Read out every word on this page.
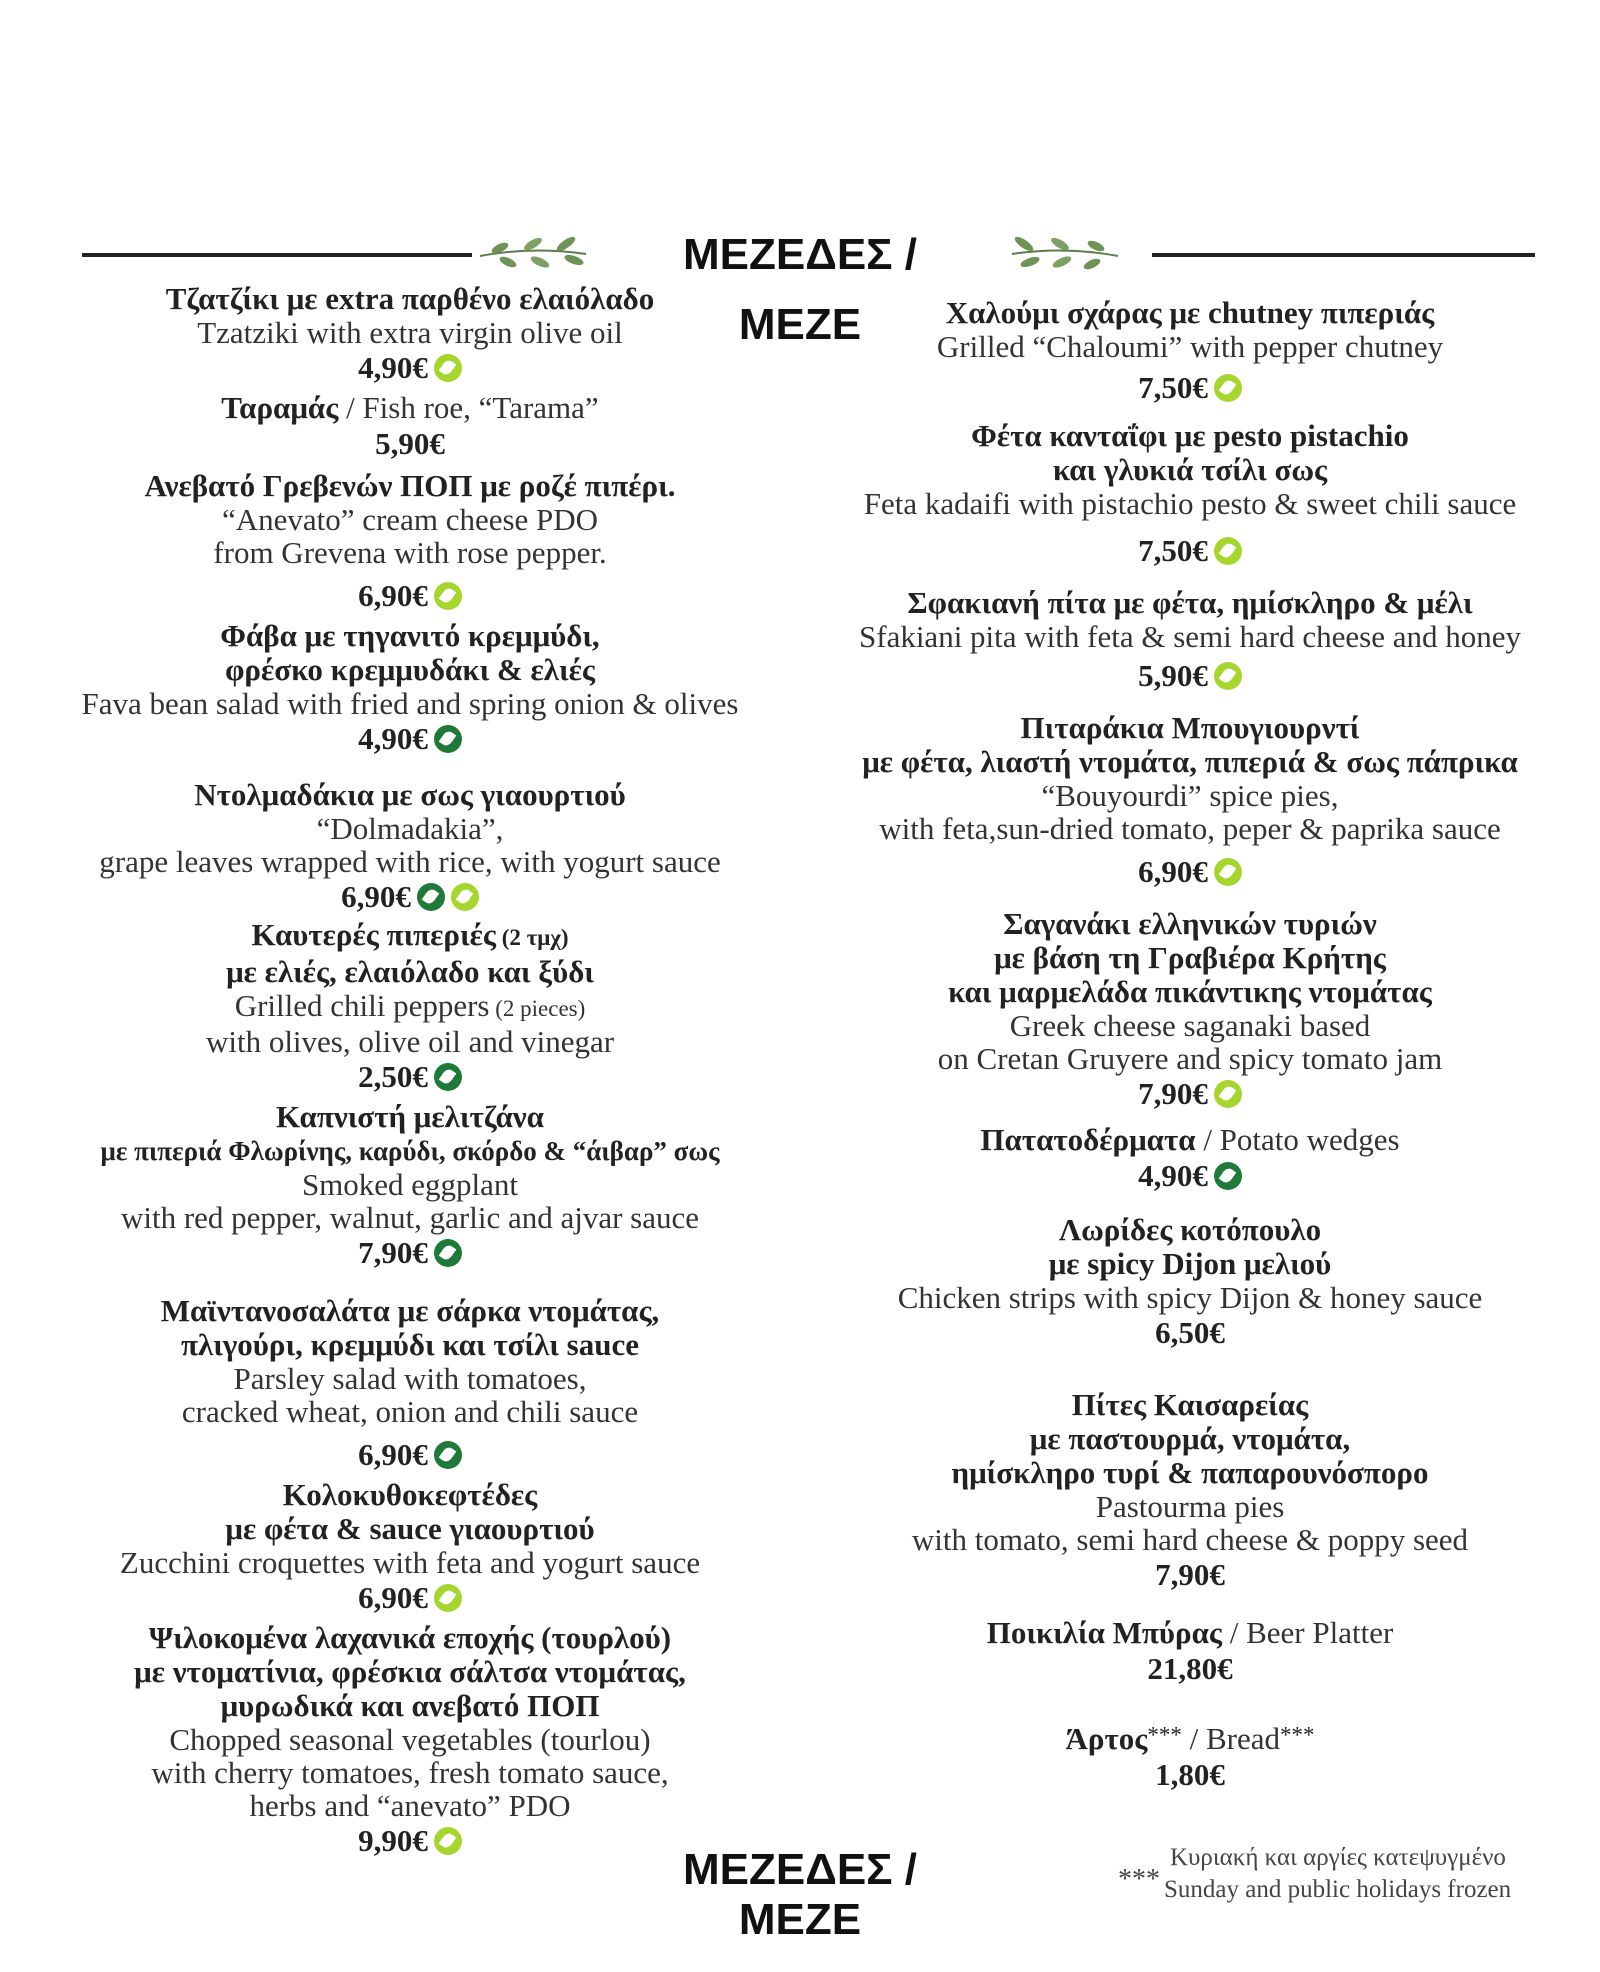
ΜΕΖΕΔΕΣ / ΜΕΖΕ
Τζατζίκι με extra παρθένο ελαιόλαδο
Tzatziki with extra virgin olive oil
4,90€
Ταραμάς / Fish roe, “Tarama”
5,90€
Ανεβατό Γρεβενών ΠΟΠ με ροζέ πιπέρι.
“Anevato” cream cheese PDO
from Grevena with rose pepper.
6,90€
Φάβα με τηγανιτό κρεμμύδι,
φρέσκο κρεμμυδάκι & ελιές
Fava bean salad with fried and spring onion & olives
4,90€
Ντολμαδάκια με σως γιαουρτιού
“Dolmadakia”,
grape leaves wrapped with rice, with yogurt sauce
6,90€
Καυτερές πιπεριές (2 τμχ)
με ελιές, ελαιόλαδο και ξύδι
Grilled chili peppers (2 pieces)
with olives, olive oil and vinegar
2,50€
Καπνιστή μελιτζάνα
με πιπεριά Φλωρίνης, καρύδι, σκόρδο & “άιβαρ” σως
Smoked eggplant
with red pepper, walnut, garlic and ajvar sauce
7,90€
Μαϊντανοσαλάτα με σάρκα ντομάτας,
πλιγούρι, κρεμμύδι και τσίλι sauce
Parsley salad with tomatoes,
cracked wheat, onion and chili sauce
6,90€
Κολοκυθοκεφτέδες
με φέτα & sauce γιαουρτιού
Zucchini croquettes with feta and yogurt sauce
6,90€
Ψιλοκομένα λαχανικά εποχής (τουρλού)
με ντοματίνια, φρέσκια σάλτσα ντομάτας,
μυρωδικά και ανεβατό ΠΟΠ
Chopped seasonal vegetables (tourlou)
with cherry tomatoes, fresh tomato sauce,
herbs and “anevato” PDO
9,90€
Χαλούμι σχάρας με chutney πιπεριάς
Grilled “Chaloumi” with pepper chutney
7,50€
Φέτα κανταΐφι με pesto pistachio
και γλυκιά τσίλι σως
Feta kadaifi with pistachio pesto & sweet chili sauce
7,50€
Σφακιανή πίτα με φέτα, ημίσκληρο & μέλι
Sfakiani pita with feta & semi hard cheese and honey
5,90€
Πιταράκια Μπουγιουρντί
με φέτα, λιαστή ντομάτα, πιπεριά & σως πάπρικα
“Bouyourdi” spice pies,
with feta,sun-dried tomato, peper & paprika sauce
6,90€
Σαγανάκι ελληνικών τυριών
με βάση τη Γραβιέρα Κρήτης
και μαρμελάδα πικάντικης ντομάτας
Greek cheese saganaki based
on Cretan Gruyere and spicy tomato jam
7,90€
Πατατοδέρματα / Potato wedges
4,90€
Λωρίδες κοτόπουλο
με spicy Dijon μελιού
Chicken strips with spicy Dijon & honey sauce
6,50€
Πίτες Καισαρείας
με παστουρμά, ντομάτα,
ημίσκληρο τυρί & παπαρουνόσπορο
Pastourma pies
with tomato, semi hard cheese & poppy seed
7,90€
Ποικιλία Μπύρας / Beer Platter
21,80€
Άρτος*** / Bread***
1,80€
ΜΕΖΕΔΕΣ / ΜΕΖΕ
***
Κυριακή και αργίες κατεψυγμένο
Sunday and public holidays frozen
